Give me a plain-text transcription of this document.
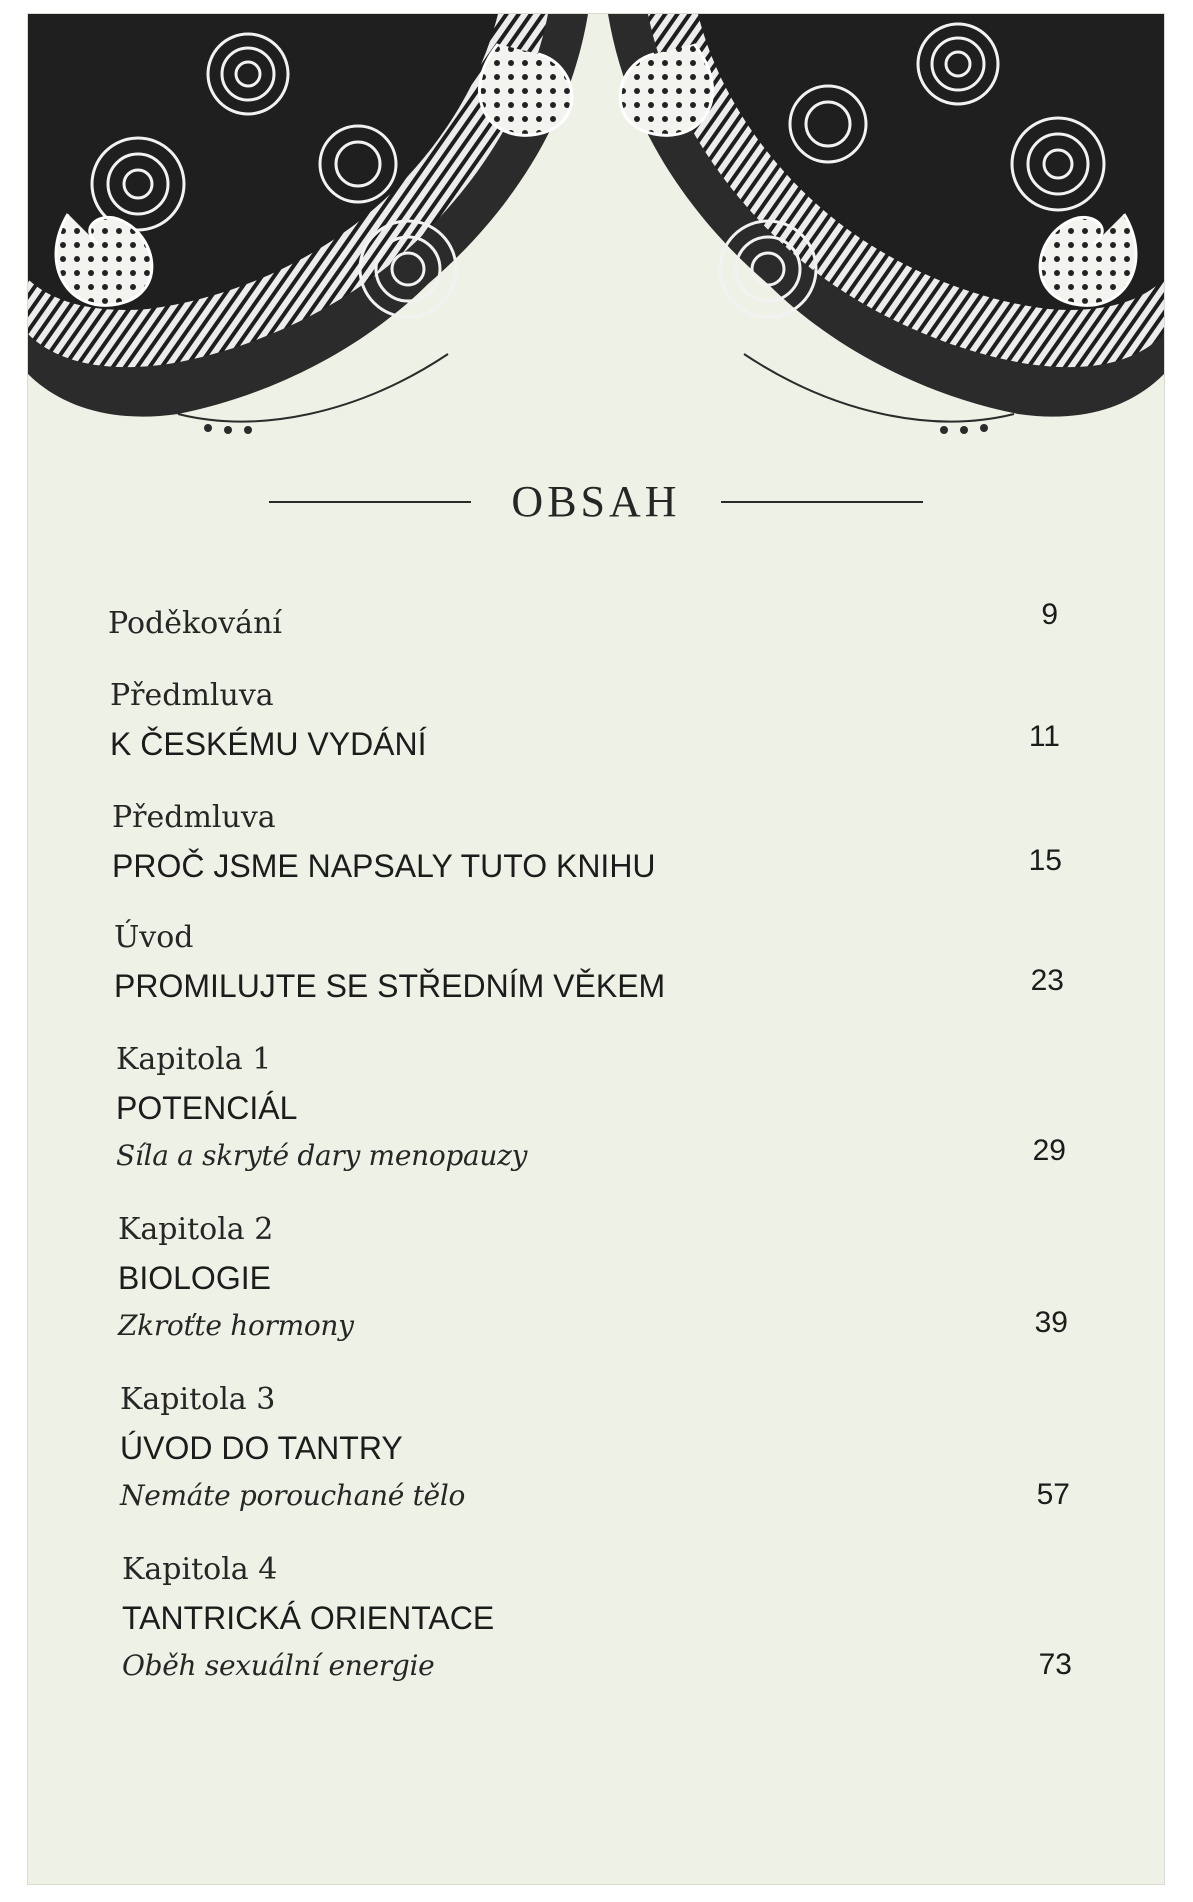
OBSAH
Poděkování	9
Předmluva
K ČESKÉMU VYDÁNÍ	11
Předmluva
PROČ JSME NAPSALY TUTO KNIHU	15
Úvod
PROMILUJTE SE STŘEDNÍM VĚKEM	23
Kapitola 1
POTENCIÁL
Síla a skryté dary menopauzy	29
Kapitola 2
BIOLOGIE
Zkroťte hormony	39
Kapitola 3
ÚVOD DO TANTRY
Nemáte porouchané tělo	57
Kapitola 4
TANTRICKÁ ORIENTACE
Oběh sexuální energie	73
